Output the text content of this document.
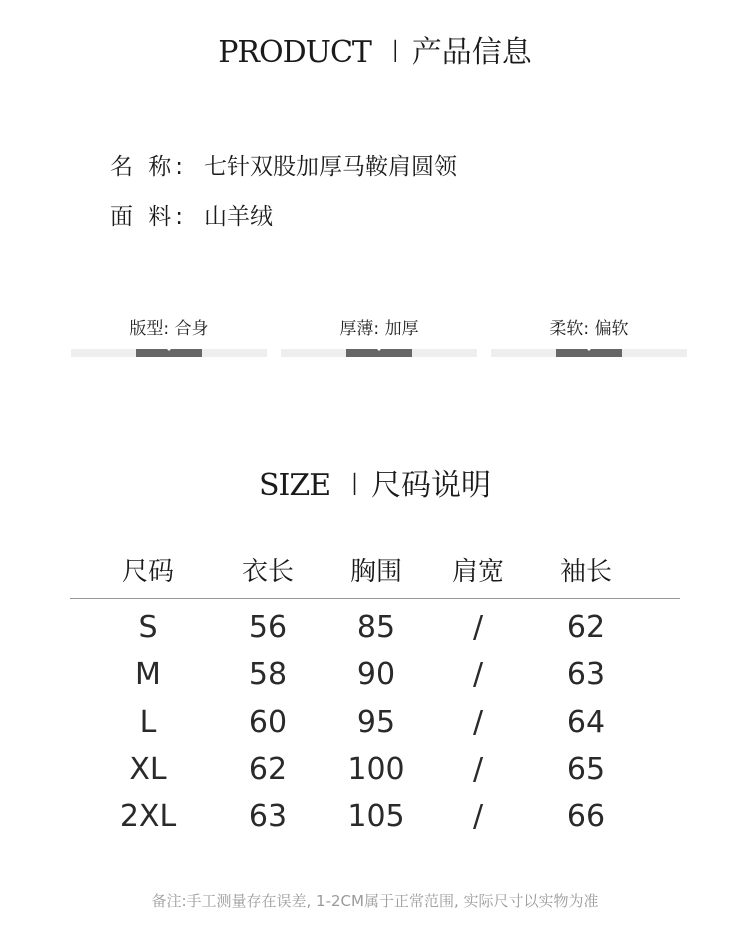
PRODUCT I 产品信息
名 称: 七针双股加厚马鞍肩圆领
面 料: 山羊绒
版型: 合身	厚薄: 加厚	柔软: 偏软
SIZE I 尺码说明
尺码	衣长	胸围	肩宽	袖长
S	56	85	/	62
M	58	90	/	63
L	60	95	/	64
XL	62	100	/	65
2XL	63	105	/	66
备注:手工测量存在误差, 1-2CM属于正常范围, 实际尺寸以实物为准
